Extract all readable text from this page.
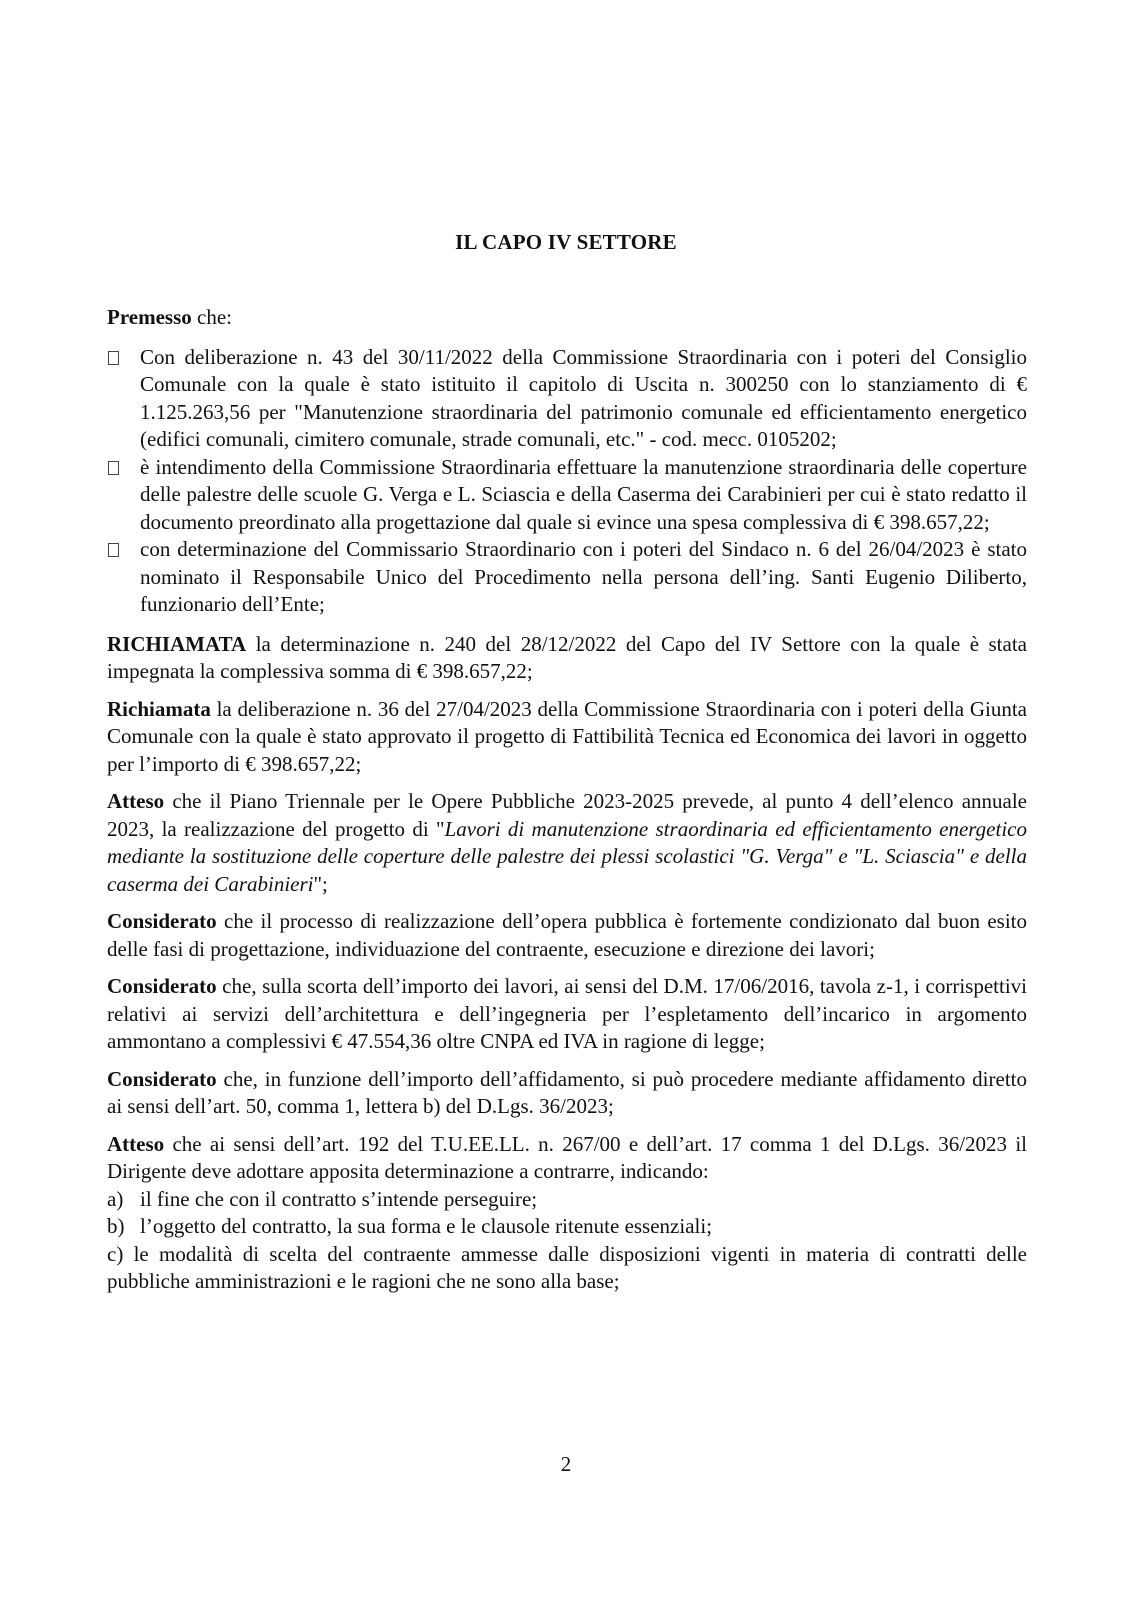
IL CAPO IV SETTORE

Premesso che:

Con deliberazione n. 43 del 30/11/2022 della Commissione Straordinaria con i poteri del Consiglio Comunale con la quale è stato istituito il capitolo di Uscita n. 300250 con lo stanziamento di € 1.125.263,56 per "Manutenzione straordinaria del patrimonio comunale ed efficientamento energetico (edifici comunali, cimitero comunale, strade comunali, etc." - cod. mecc. 0105202;
è intendimento della Commissione Straordinaria effettuare la manutenzione straordinaria delle coperture delle palestre delle scuole G. Verga e L. Sciascia e della Caserma dei Carabinieri per cui è stato redatto il documento preordinato alla progettazione dal quale si evince una spesa complessiva di € 398.657,22;
con determinazione del Commissario Straordinario con i poteri del Sindaco n. 6 del 26/04/2023 è stato nominato il Responsabile Unico del Procedimento nella persona dell’ing. Santi Eugenio Diliberto, funzionario dell’Ente;

RICHIAMATA la determinazione n. 240 del 28/12/2022 del Capo del IV Settore con la quale è stata impegnata la complessiva somma di € 398.657,22;

Richiamata la deliberazione n. 36 del 27/04/2023 della Commissione Straordinaria con i poteri della Giunta Comunale con la quale è stato approvato il progetto di Fattibilità Tecnica ed Economica dei lavori in oggetto per l’importo di € 398.657,22;

Atteso che il Piano Triennale per le Opere Pubbliche 2023-2025 prevede, al punto 4 dell’elenco annuale 2023, la realizzazione del progetto di "Lavori di manutenzione straordinaria ed efficientamento energetico mediante la sostituzione delle coperture delle palestre dei plessi scolastici "G. Verga" e "L. Sciascia" e della caserma dei Carabinieri";

Considerato che il processo di realizzazione dell’opera pubblica è fortemente condizionato dal buon esito delle fasi di progettazione, individuazione del contraente, esecuzione e direzione dei lavori;

Considerato che, sulla scorta dell’importo dei lavori, ai sensi del D.M. 17/06/2016, tavola z-1, i corrispettivi relativi ai servizi dell’architettura e dell’ingegneria per l’espletamento dell’incarico in argomento ammontano a complessivi € 47.554,36 oltre CNPA ed IVA in ragione di legge;

Considerato che, in funzione dell’importo dell’affidamento, si può procedere mediante affidamento diretto ai sensi dell’art. 50, comma 1, lettera b) del D.Lgs. 36/2023;

Atteso che ai sensi dell’art. 192 del T.U.EE.LL. n. 267/00 e dell’art. 17 comma 1 del D.Lgs. 36/2023 il Dirigente deve adottare apposita determinazione a contrarre, indicando:

a) il fine che con il contratto s’intende perseguire;

b) l’oggetto del contratto, la sua forma e le clausole ritenute essenziali;

c) le modalità di scelta del contraente ammesse dalle disposizioni vigenti in materia di contratti delle pubbliche amministrazioni e le ragioni che ne sono alla base;

2
